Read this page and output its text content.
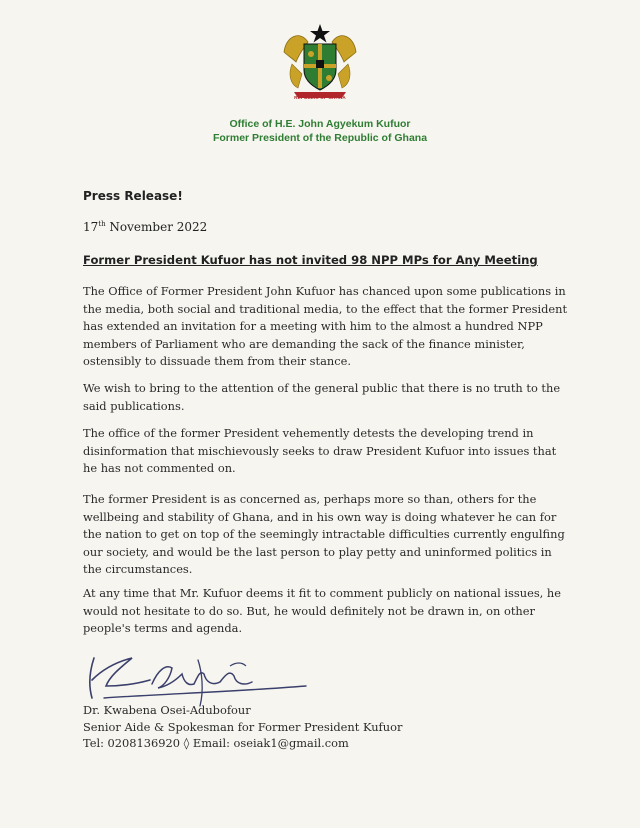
REPUBLIC OF GHANA
Office of H.E. John Agyekum Kufuor
Former President of the Republic of Ghana
Press Release!
17th November 2022
Former President Kufuor has not invited 98 NPP MPs for Any Meeting
The Office of Former President John Kufuor has chanced upon some publications in
the media, both social and traditional media, to the effect that the former President
has extended an invitation for a meeting with him to the almost a hundred NPP
members of Parliament who are demanding the sack of the finance minister,
ostensibly to dissuade them from their stance.
We wish to bring to the attention of the general public that there is no truth to the
said publications.
The office of the former President vehemently detests the developing trend in
disinformation that mischievously seeks to draw President Kufuor into issues that
he has not commented on.
The former President is as concerned as, perhaps more so than, others for the
wellbeing and stability of Ghana, and in his own way is doing whatever he can for
the nation to get on top of the seemingly intractable difficulties currently engulfing
our society, and would be the last person to play petty and uninformed politics in
the circumstances.
At any time that Mr. Kufuor deems it fit to comment publicly on national issues, he
would not hesitate to do so. But, he would definitely not be drawn in, on other
people's terms and agenda.
Dr. Kwabena Osei-Adubofour
Senior Aide & Spokesman for Former President Kufuor
Tel: 0208136920 ◊ Email: oseiak1@gmail.com
